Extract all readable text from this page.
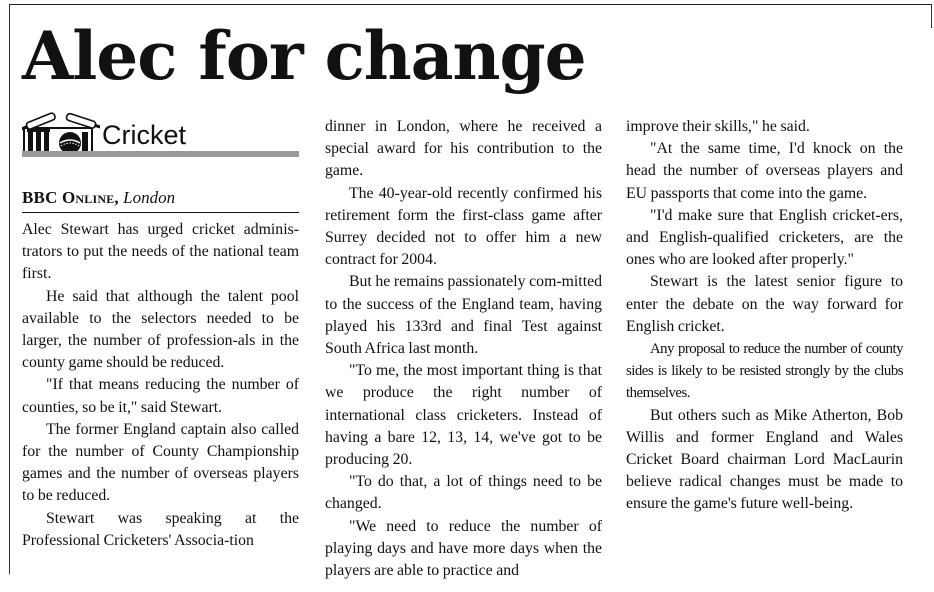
Alec for change
Cricket
BBC Online, London

Alec Stewart has urged cricket adminis-trators to put the needs of the national team first.

He said that although the talent pool available to the selectors needed to be larger, the number of profession-als in the county game should be reduced.

"If that means reducing the number of counties, so be it," said Stewart.

The former England captain also called for the number of County Championship games and the number of overseas players to be reduced.

Stewart was speaking at the Professional Cricketers' Associa-tion

dinner in London, where he received a special award for his contribution to the game.

The 40-year-old recently confirmed his retirement form the first-class game after Surrey decided not to offer him a new contract for 2004.

But he remains passionately com-mitted to the success of the England team, having played his 133rd and final Test against South Africa last month.

"To me, the most important thing is that we produce the right number of international class cricketers. Instead of having a bare 12, 13, 14, we've got to be producing 20.

"To do that, a lot of things need to be changed.

"We need to reduce the number of playing days and have more days when the players are able to practice and

improve their skills," he said.

"At the same time, I'd knock on the head the number of overseas players and EU passports that come into the game.

"I'd make sure that English cricket-ers, and English-qualified cricketers, are the ones who are looked after properly."

Stewart is the latest senior figure to enter the debate on the way forward for English cricket.

Any proposal to reduce the number of county sides is likely to be resisted strongly by the clubs themselves.

But others such as Mike Atherton, Bob Willis and former England and Wales Cricket Board chairman Lord MacLaurin believe radical changes must be made to ensure the game's future well-being.
